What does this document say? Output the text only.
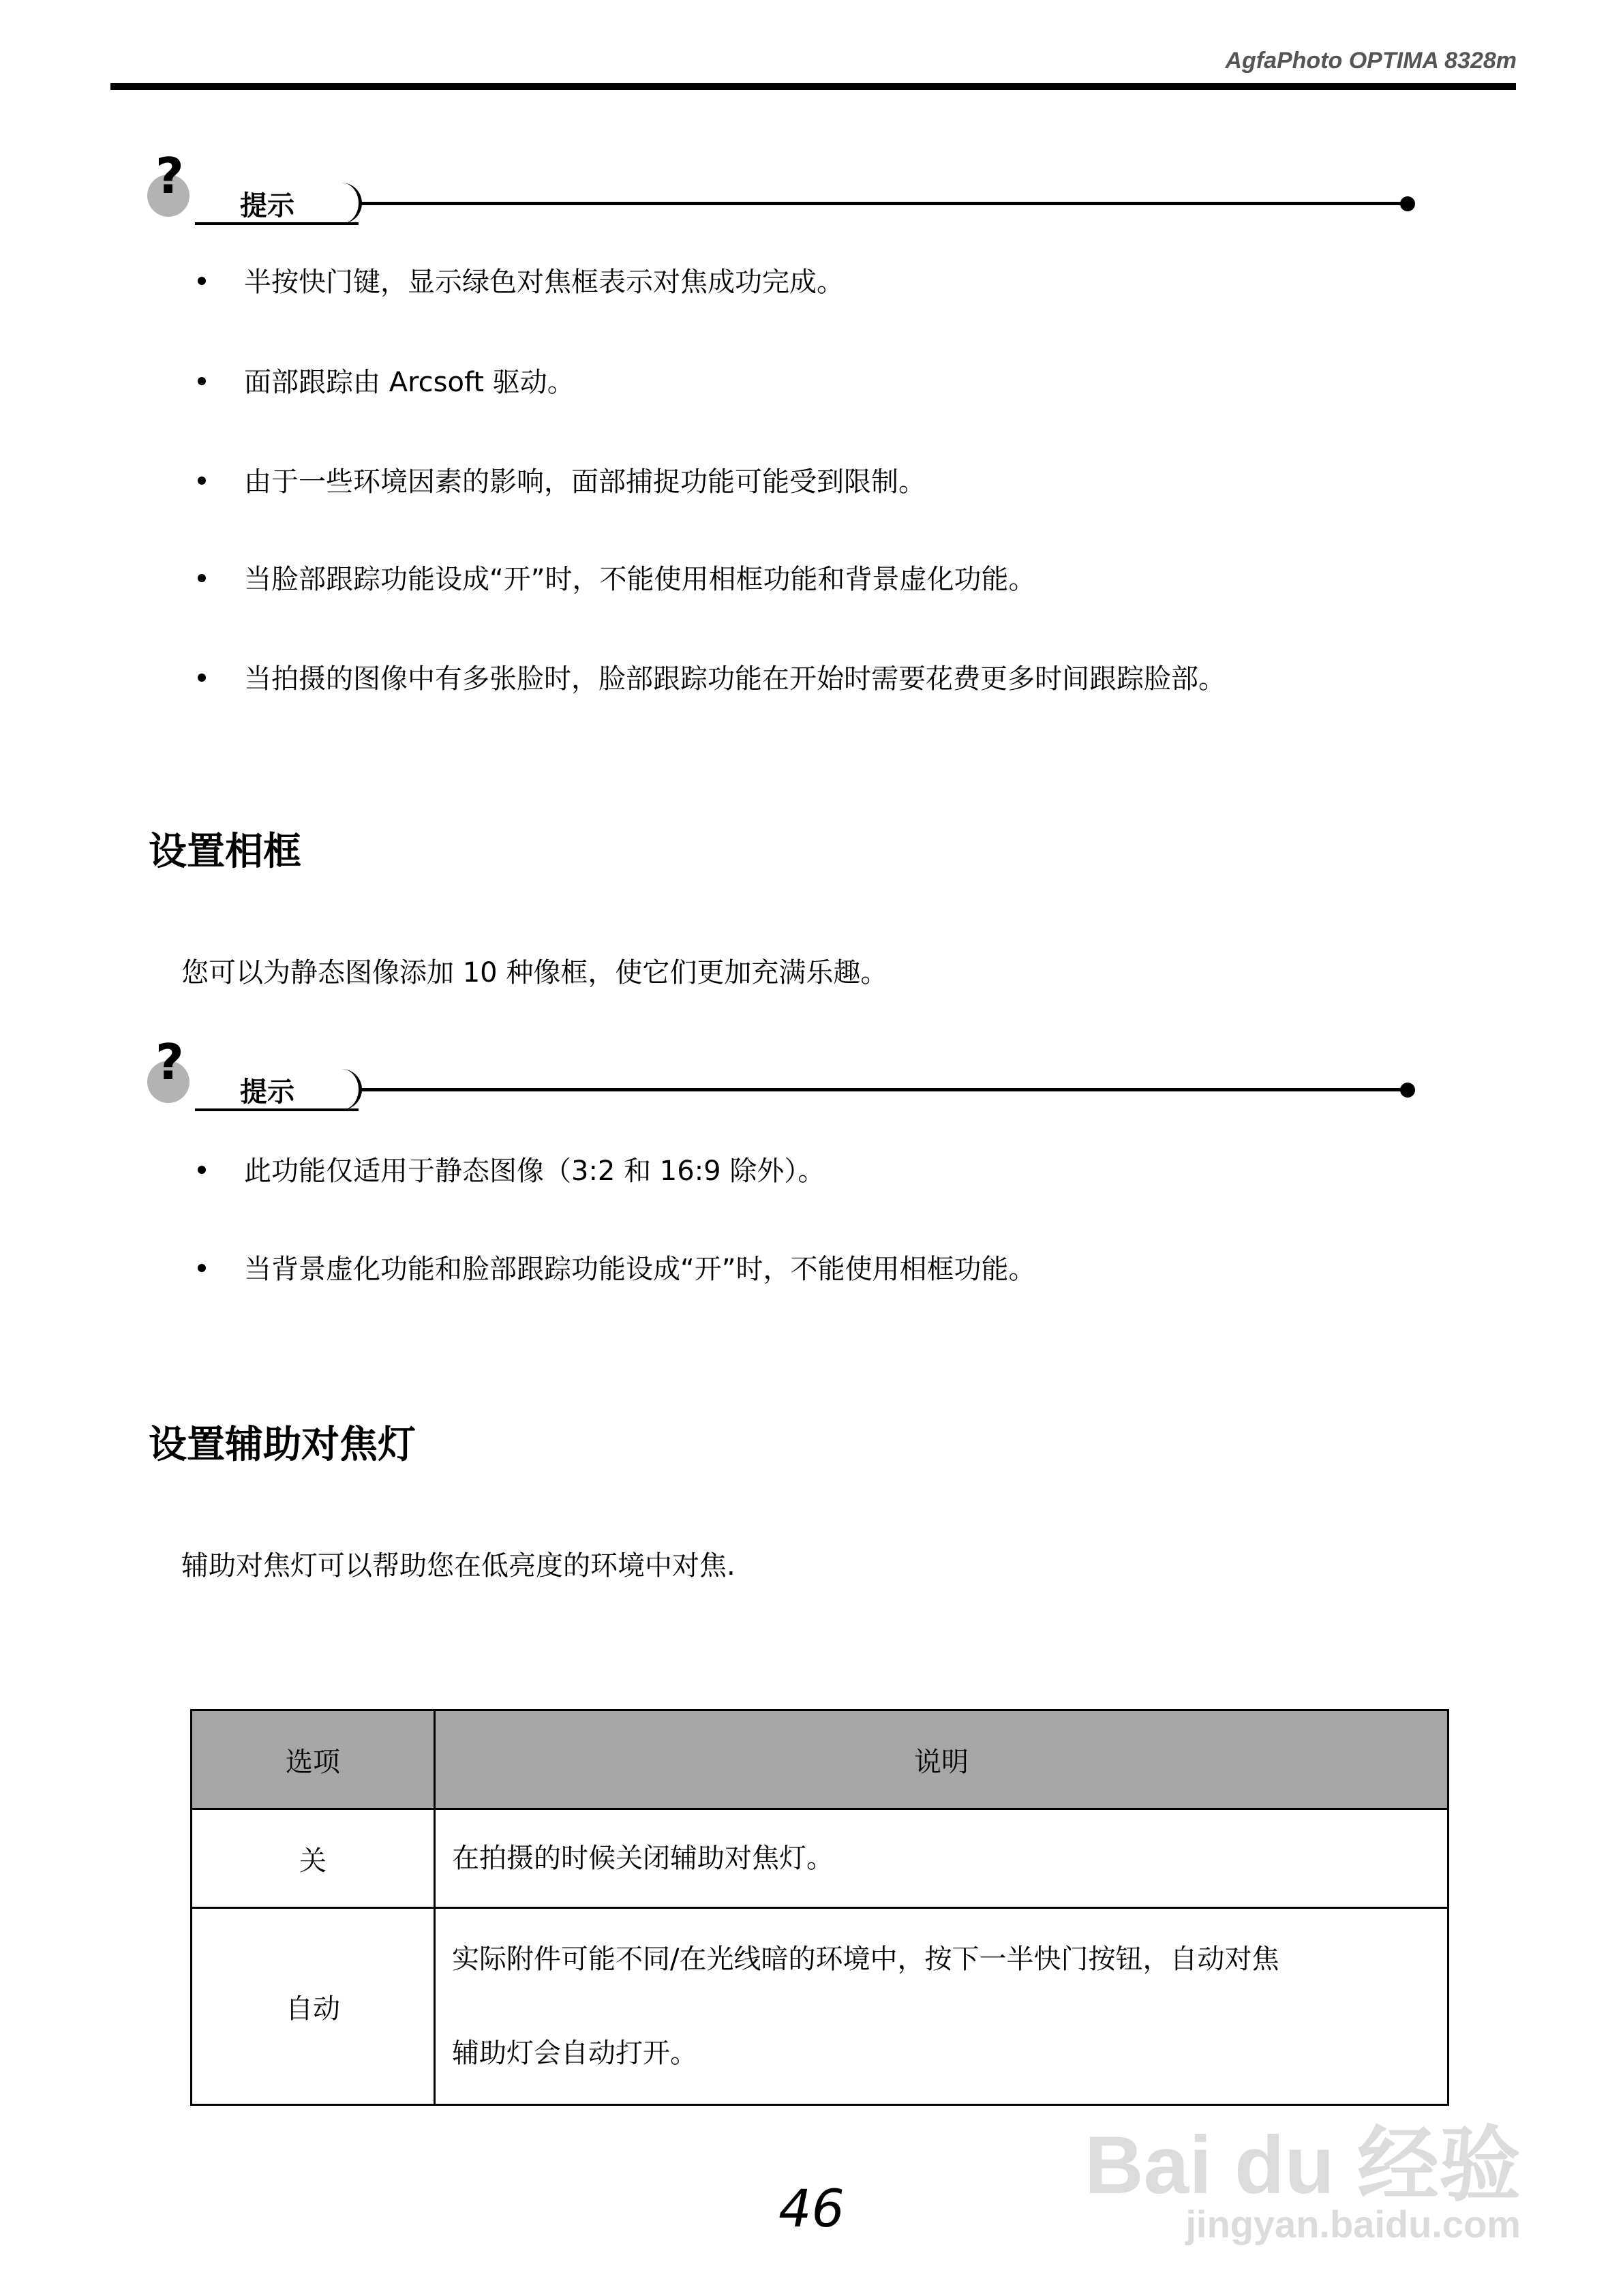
AgfaPhoto OPTIMA 8328m
?
提示
半按快门键，显示绿色对焦框表示对焦成功完成。
面部跟踪由 Arcsoft 驱动。
由于一些环境因素的影响，面部捕捉功能可能受到限制。
当脸部跟踪功能设成“开”时，不能使用相框功能和背景虚化功能。
当拍摄的图像中有多张脸时，脸部跟踪功能在开始时需要花费更多时间跟踪脸部。
设置相框
您可以为静态图像添加 10 种像框，使它们更加充满乐趣。
?
提示
此功能仅适用于静态图像（3:2 和 16:9 除外）。
当背景虚化功能和脸部跟踪功能设成“开”时，不能使用相框功能。
设置辅助对焦灯
辅助对焦灯可以帮助您在低亮度的环境中对焦.
选项	说明
关	在拍摄的时候关闭辅助对焦灯。
自动	实际附件可能不同/在光线暗的环境中，按下一半快门按钮，自动对焦
辅助灯会自动打开。
46	Bai du 经验
jingyan.baidu.com
